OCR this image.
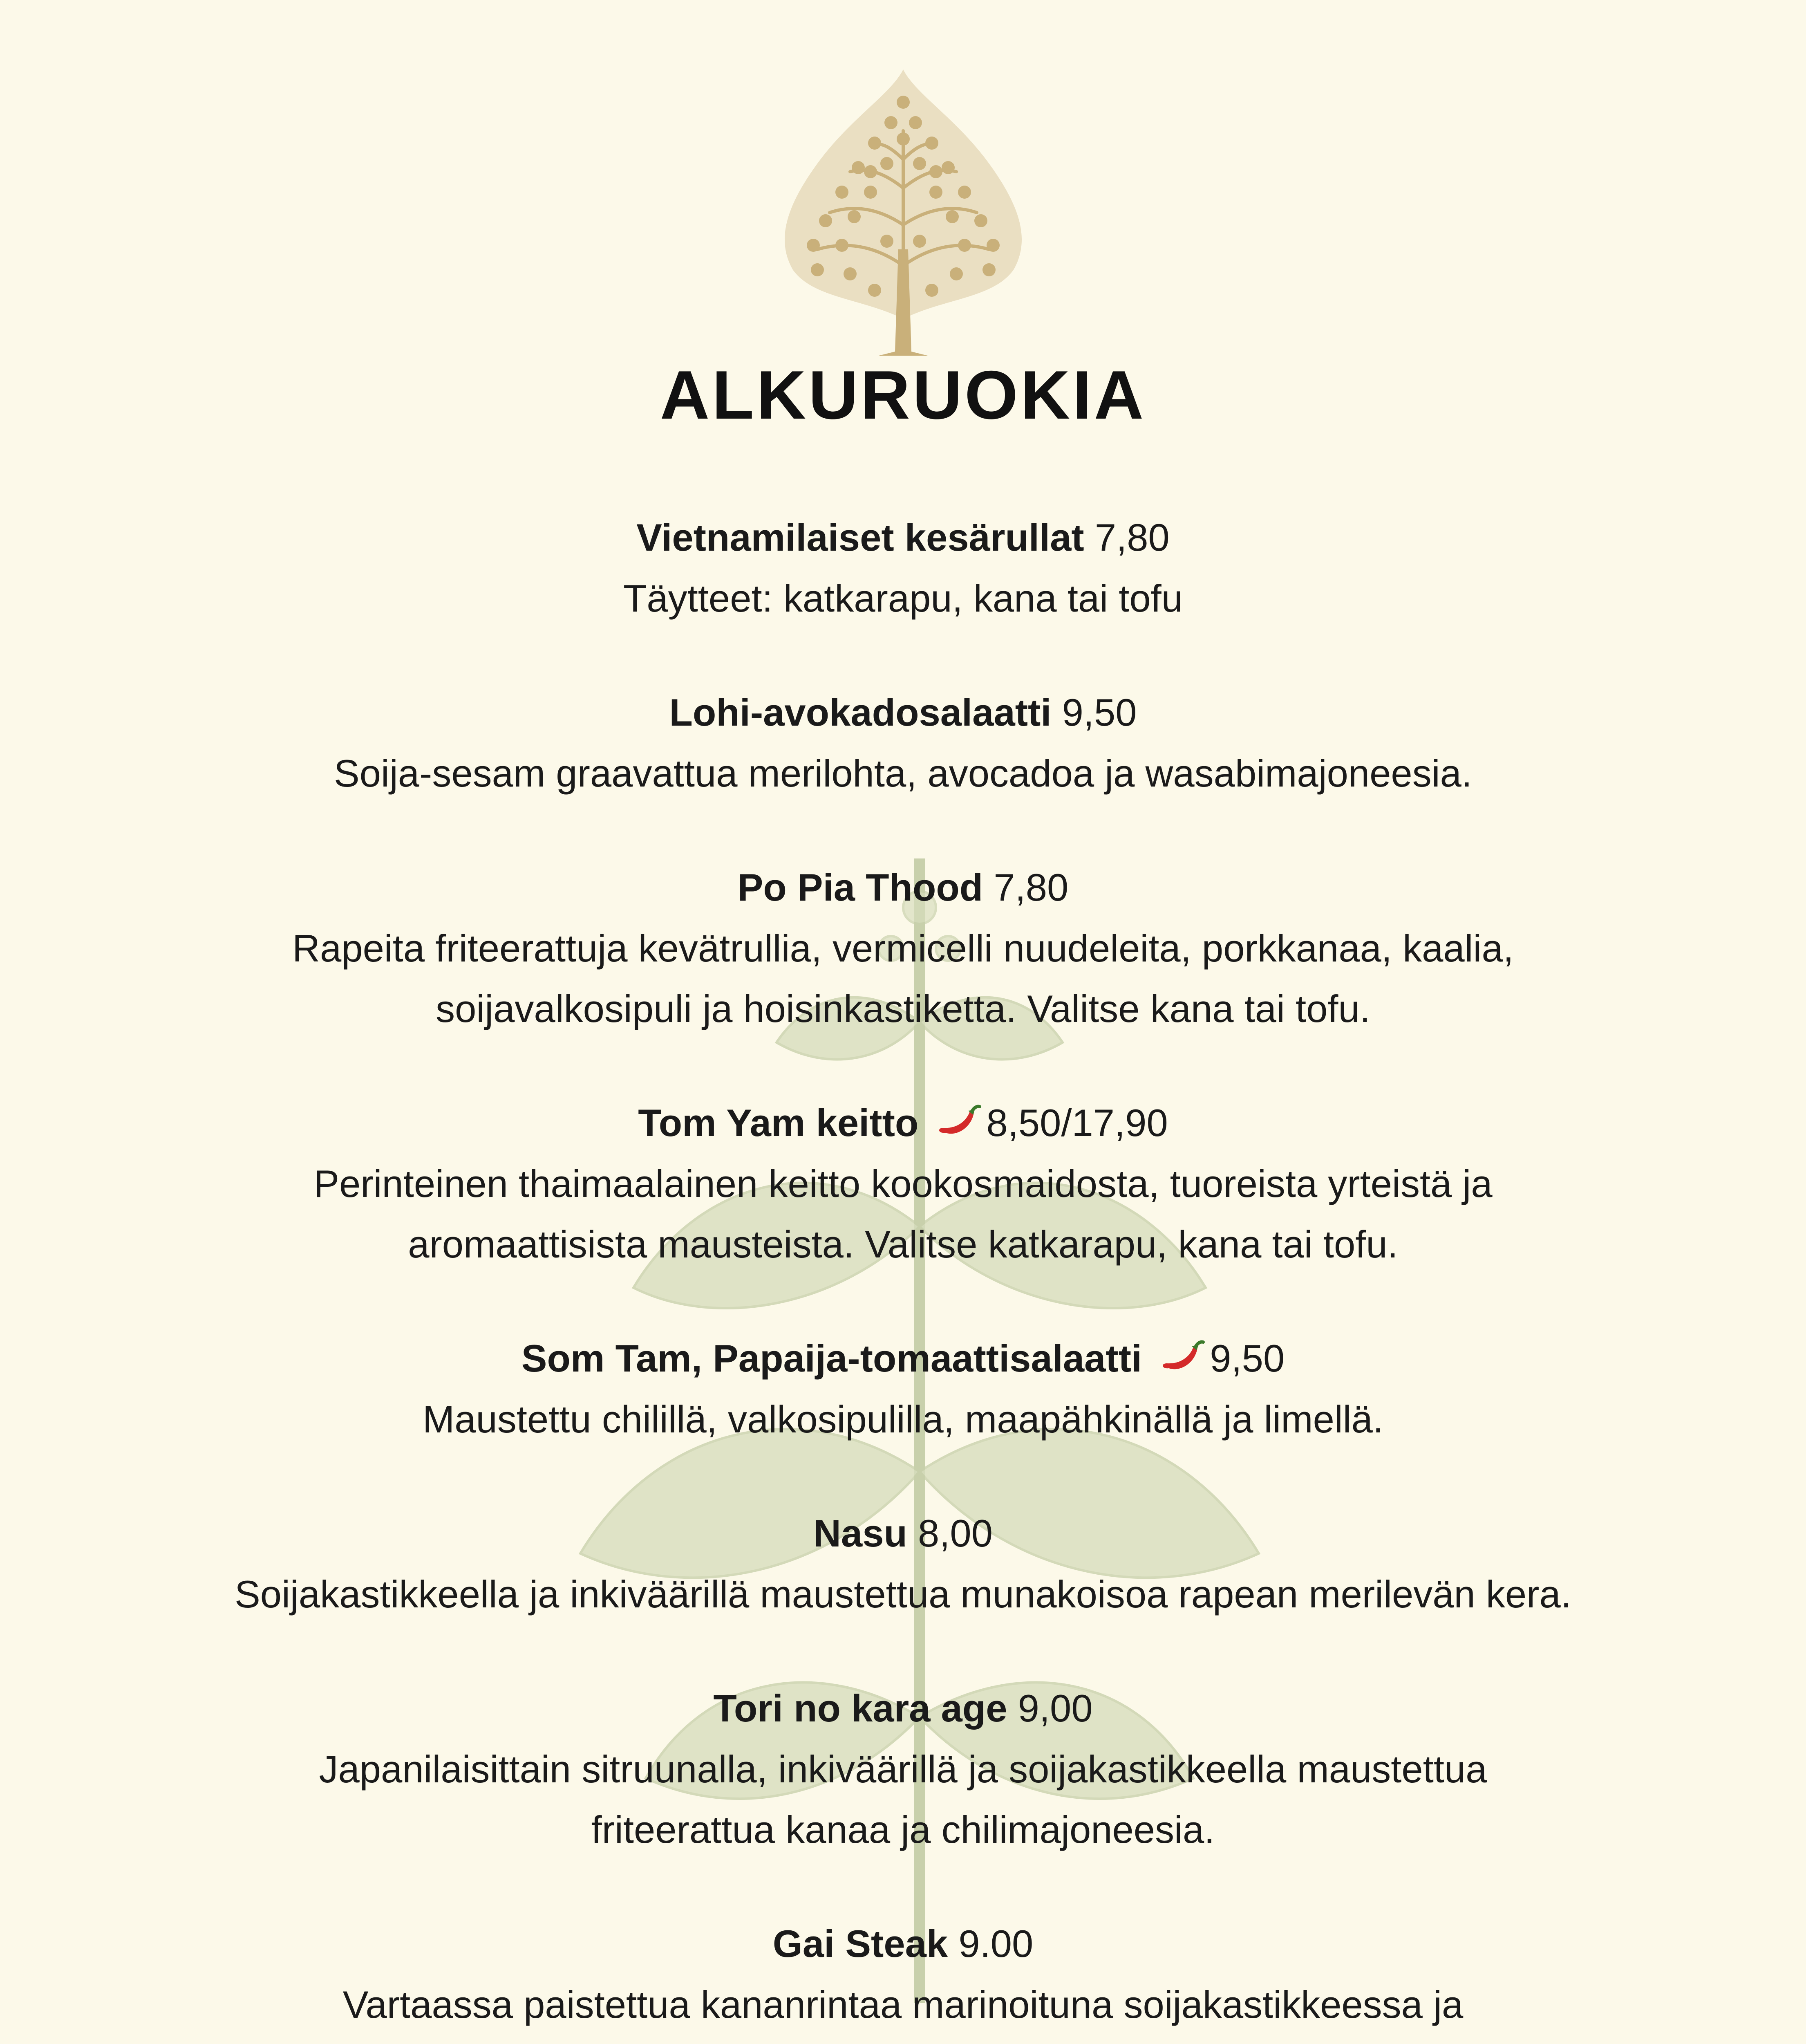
ALKURUOKIA
Vietnamilaiset kesärullat 7,80
Täytteet: katkarapu, kana tai tofu
Lohi-avokadosalaatti 9,50
Soija-sesam graavattua merilohta, avocadoa ja wasabimajoneesia.
Po Pia Thood 7,80
Rapeita friteerattuja kevätrullia, vermicelli nuudeleita, porkkanaa, kaalia,
soijavalkosipuli ja hoisinkastiketta. Valitse kana tai tofu.
Tom Yam keitto 8,50/17,90
Perinteinen thaimaalainen keitto kookosmaidosta, tuoreista yrteistä ja
aromaattisista mausteista. Valitse katkarapu, kana tai tofu.
Som Tam, Papaija-tomaattisalaatti 9,50
Maustettu chilillä, valkosipulilla, maapähkinällä ja limellä.
Nasu 8,00
Soijakastikkeella ja inkiväärillä maustettua munakoisoa rapean merilevän kera.
Tori no kara age 9,00
Japanilaisittain sitruunalla, inkiväärillä ja soijakastikkeella maustettua
friteerattua kanaa ja chilimajoneesia.
Gai Steak 9.00
Vartaassa paistettua kananrintaa marinoituna soijakastikkeessa ja
